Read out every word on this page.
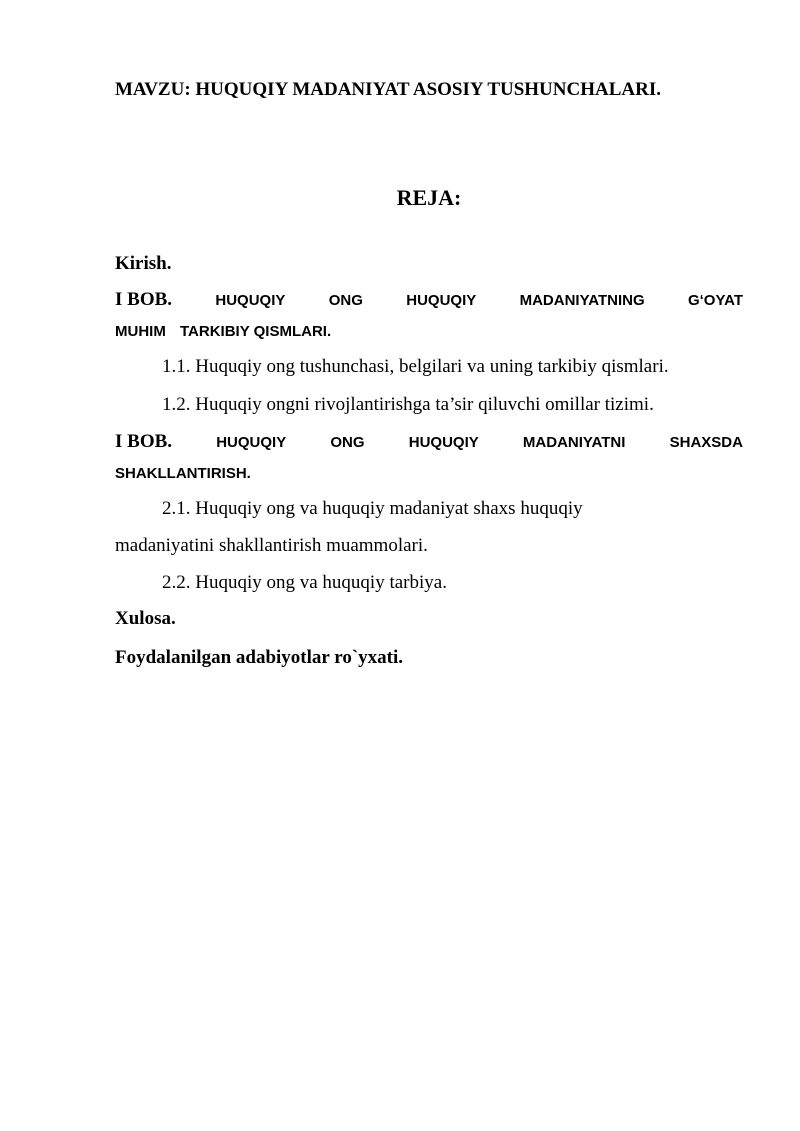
MAVZU: HUQUQIY MADANIYAT ASOSIY TUSHUNCHALARI.
REJA:
Kirish.
I BOB.	HUQUQIY	ONG	HUQUQIY	MADANIYATNING	G‘OYAT
MUHIM TARKIBIY QISMLARI.
1.1. Huquqiy ong tushunchasi, belgilari va uning tarkibiy qismlari.
1.2. Huquqiy ongni rivojlantirishga ta’sir qiluvchi omillar tizimi.
I BOB.	HUQUQIY	ONG	HUQUQIY	MADANIYATNI	SHAXSDA
SHAKLLANTIRISH.
2.1. Huquqiy ong va huquqiy madaniyat shaxs huquqiy
madaniyatini shakllantirish muammolari.
2.2. Huquqiy ong va huquqiy tarbiya.
Xulosa.
Foydalanilgan adabiyotlar ro`yxati.
